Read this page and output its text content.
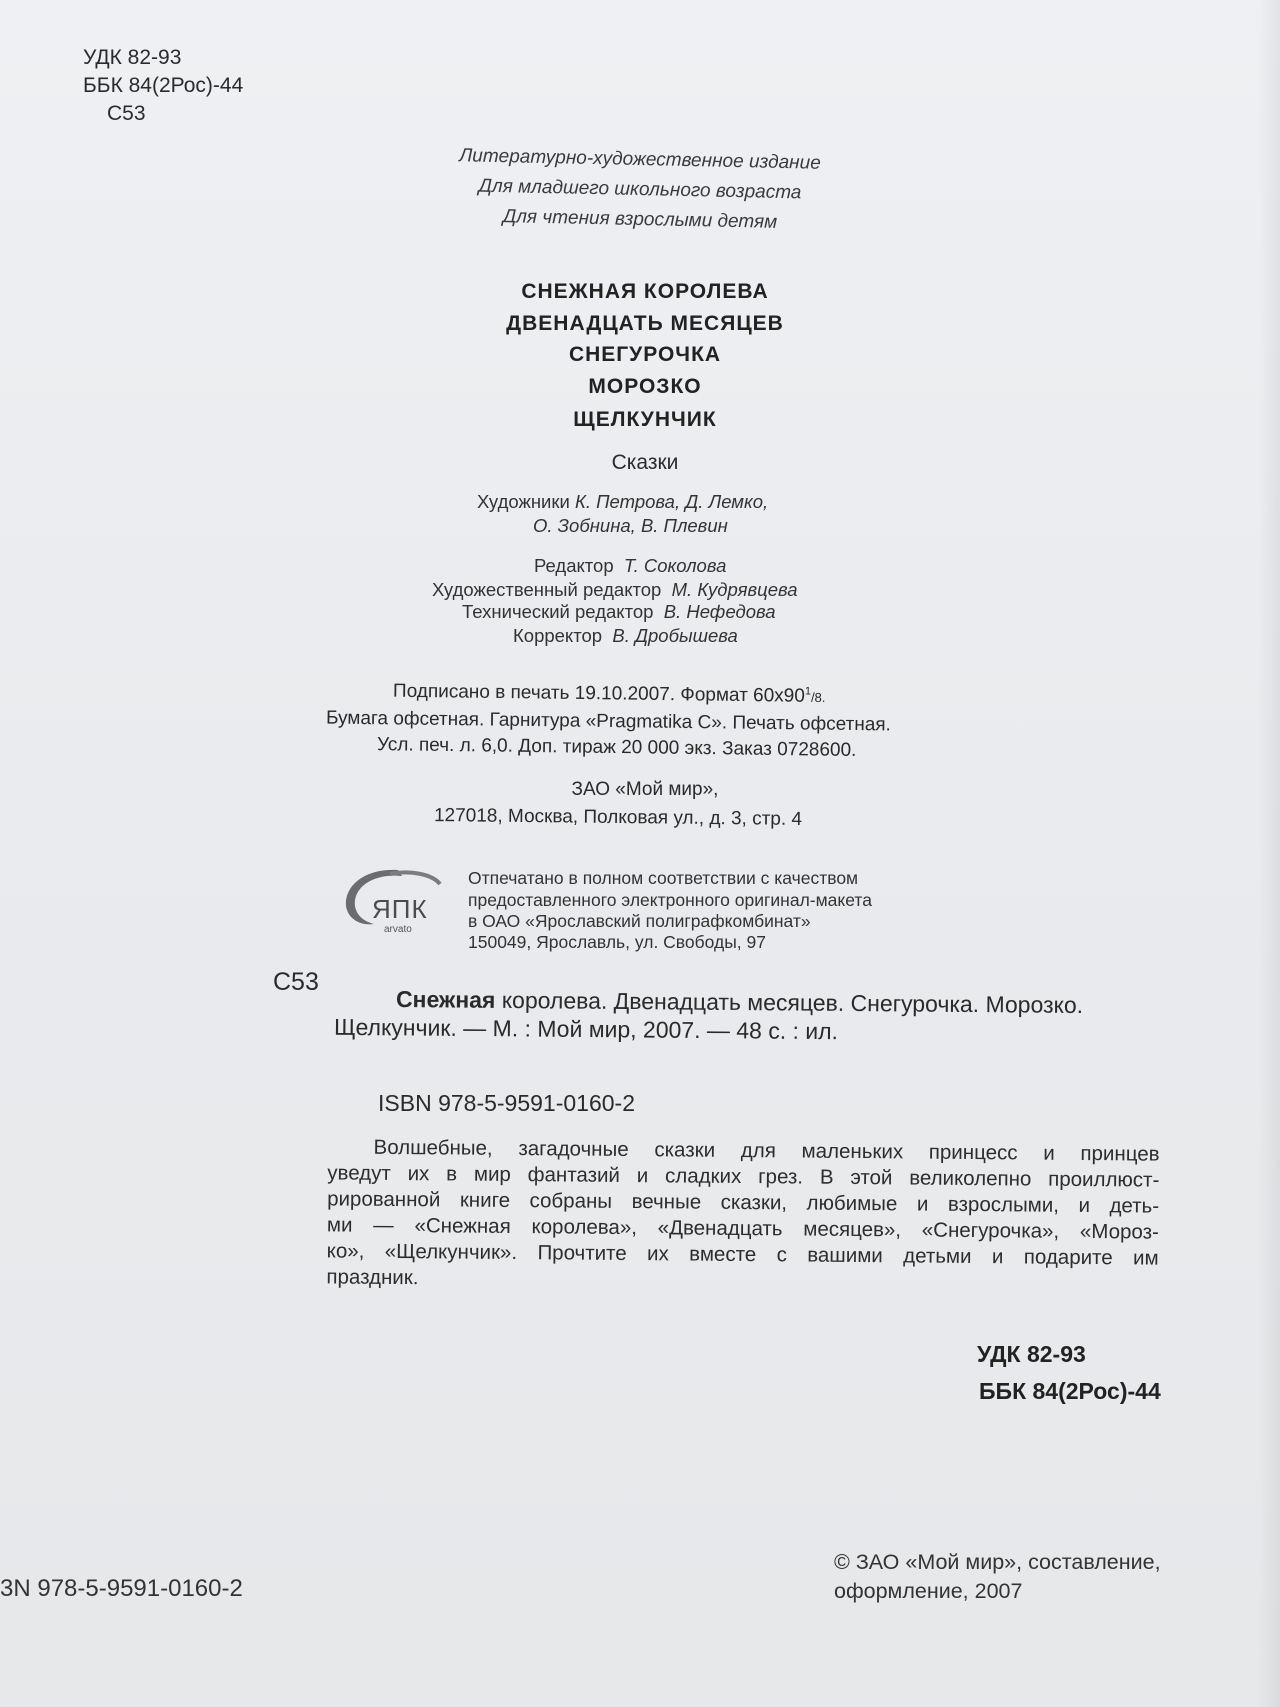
УДК 82-93
ББК 84(2Рос)-44
С53
Литературно-художественное издание
Для младшего школьного возраста
Для чтения взрослыми детям
СНЕЖНАЯ КОРОЛЕВА
ДВЕНАДЦАТЬ МЕСЯЦЕВ
СНЕГУРОЧКА
МОРОЗКО
ЩЕЛКУНЧИК
Сказки
Художники К. Петрова, Д. Лемко,
О. Зобнина, В. Плевин
Редактор Т. Соколова
Художественный редактор М. Кудрявцева
Технический редактор В. Нефедова
Корректор В. Дробышева
Подписано в печать 19.10.2007. Формат $60х90^1/8$.
Бумага офсетная. Гарнитура «Pragmatika C». Печать офсетная.
Усл. печ. л. 6,0. Доп. тираж 20 000 экз. Заказ 0728600.
ЗАО «Мой мир»,
127018, Москва, Полковая ул., д. 3, стр. 4
ЯПК
arvato
Отпечатано в полном соответствии с качеством
предоставленного электронного оригинал-макета
в ОАО «Ярославский полиграфкомбинат»
150049, Ярославль, ул. Свободы, 97
С53
Снежная королева. Двенадцать месяцев. Снегурочка. Морозко.
Щелкунчик. — М. : Мой мир, 2007. — 48 с. : ил.
ISBN 978-5-9591-0160-2
Волшебные, загадочные сказки для маленьких принцесс и принцев
уведут их в мир фантазий и сладких грез. В этой великолепно проиллюст-
рированной книге собраны вечные сказки, любимые и взрослыми, и деть-
ми — «Снежная королева», «Двенадцать месяцев», «Снегурочка», «Мороз-
ко», «Щелкунчик». Прочтите их вместе с вашими детьми и подарите им
праздник.
УДК 82-93
ББК 84(2Рос)-44
3N 978-5-9591-0160-2
© ЗАО «Мой мир», составление,
оформление, 2007
